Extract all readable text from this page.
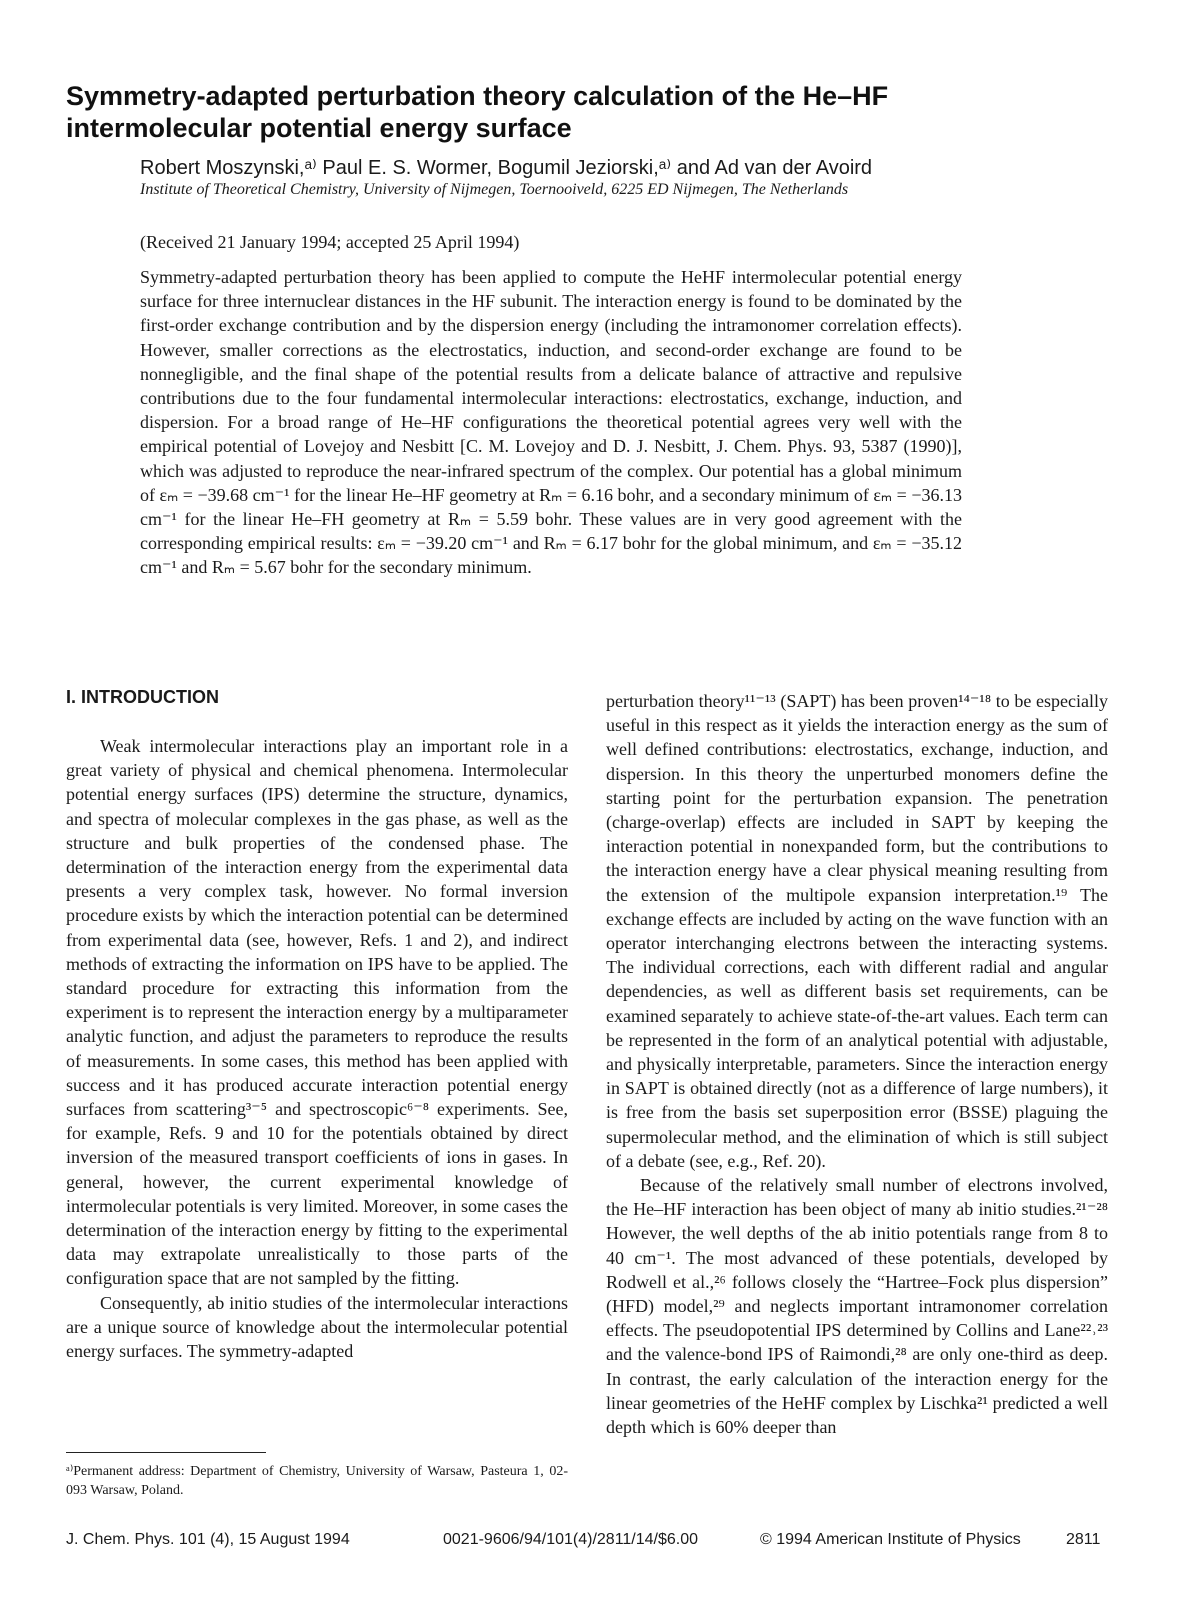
Symmetry-adapted perturbation theory calculation of the He–HF intermolecular potential energy surface

Robert Moszynski,ᵃ⁾ Paul E. S. Wormer, Bogumil Jeziorski,ᵃ⁾ and Ad van der Avoird

Institute of Theoretical Chemistry, University of Nijmegen, Toernooiveld, 6225 ED Nijmegen, The Netherlands

(Received 21 January 1994; accepted 25 April 1994)

Symmetry-adapted perturbation theory has been applied to compute the HeHF intermolecular potential energy surface for three internuclear distances in the HF subunit. The interaction energy is found to be dominated by the first-order exchange contribution and by the dispersion energy (including the intramonomer correlation effects). However, smaller corrections as the electrostatics, induction, and second-order exchange are found to be nonnegligible, and the final shape of the potential results from a delicate balance of attractive and repulsive contributions due to the four fundamental intermolecular interactions: electrostatics, exchange, induction, and dispersion. For a broad range of He–HF configurations the theoretical potential agrees very well with the empirical potential of Lovejoy and Nesbitt [C. M. Lovejoy and D. J. Nesbitt, J. Chem. Phys. 93, 5387 (1990)], which was adjusted to reproduce the near-infrared spectrum of the complex. Our potential has a global minimum of εₘ = −39.68 cm⁻¹ for the linear He–HF geometry at Rₘ = 6.16 bohr, and a secondary minimum of εₘ = −36.13 cm⁻¹ for the linear He–FH geometry at Rₘ = 5.59 bohr. These values are in very good agreement with the corresponding empirical results: εₘ = −39.20 cm⁻¹ and Rₘ = 6.17 bohr for the global minimum, and εₘ = −35.12 cm⁻¹ and Rₘ = 5.67 bohr for the secondary minimum.

I. INTRODUCTION

Weak intermolecular interactions play an important role in a great variety of physical and chemical phenomena. Intermolecular potential energy surfaces (IPS) determine the structure, dynamics, and spectra of molecular complexes in the gas phase, as well as the structure and bulk properties of the condensed phase. The determination of the interaction energy from the experimental data presents a very complex task, however. No formal inversion procedure exists by which the interaction potential can be determined from experimental data (see, however, Refs. 1 and 2), and indirect methods of extracting the information on IPS have to be applied. The standard procedure for extracting this information from the experiment is to represent the interaction energy by a multiparameter analytic function, and adjust the parameters to reproduce the results of measurements. In some cases, this method has been applied with success and it has produced accurate interaction potential energy surfaces from scattering³⁻⁵ and spectroscopic⁶⁻⁸ experiments. See, for example, Refs. 9 and 10 for the potentials obtained by direct inversion of the measured transport coefficients of ions in gases. In general, however, the current experimental knowledge of intermolecular potentials is very limited. Moreover, in some cases the determination of the interaction energy by fitting to the experimental data may extrapolate unrealistically to those parts of the configuration space that are not sampled by the fitting.

Consequently, ab initio studies of the intermolecular interactions are a unique source of knowledge about the intermolecular potential energy surfaces. The symmetry-adapted

perturbation theory¹¹⁻¹³ (SAPT) has been proven¹⁴⁻¹⁸ to be especially useful in this respect as it yields the interaction energy as the sum of well defined contributions: electrostatics, exchange, induction, and dispersion. In this theory the unperturbed monomers define the starting point for the perturbation expansion. The penetration (charge-overlap) effects are included in SAPT by keeping the interaction potential in nonexpanded form, but the contributions to the interaction energy have a clear physical meaning resulting from the extension of the multipole expansion interpretation.¹⁹ The exchange effects are included by acting on the wave function with an operator interchanging electrons between the interacting systems. The individual corrections, each with different radial and angular dependencies, as well as different basis set requirements, can be examined separately to achieve state-of-the-art values. Each term can be represented in the form of an analytical potential with adjustable, and physically interpretable, parameters. Since the interaction energy in SAPT is obtained directly (not as a difference of large numbers), it is free from the basis set superposition error (BSSE) plaguing the supermolecular method, and the elimination of which is still subject of a debate (see, e.g., Ref. 20).

Because of the relatively small number of electrons involved, the He–HF interaction has been object of many ab initio studies.²¹⁻²⁸ However, the well depths of the ab initio potentials range from 8 to 40 cm⁻¹. The most advanced of these potentials, developed by Rodwell et al.,²⁶ follows closely the “Hartree–Fock plus dispersion” (HFD) model,²⁹ and neglects important intramonomer correlation effects. The pseudopotential IPS determined by Collins and Lane²²˒²³ and the valence-bond IPS of Raimondi,²⁸ are only one-third as deep. In contrast, the early calculation of the interaction energy for the linear geometries of the HeHF complex by Lischka²¹ predicted a well depth which is 60% deeper than

ᵃ⁾Permanent address: Department of Chemistry, University of Warsaw, Pasteura 1, 02-093 Warsaw, Poland.

J. Chem. Phys. 101 (4), 15 August 1994	0021-9606/94/101(4)/2811/14/$6.00	© 1994 American Institute of Physics	2811
